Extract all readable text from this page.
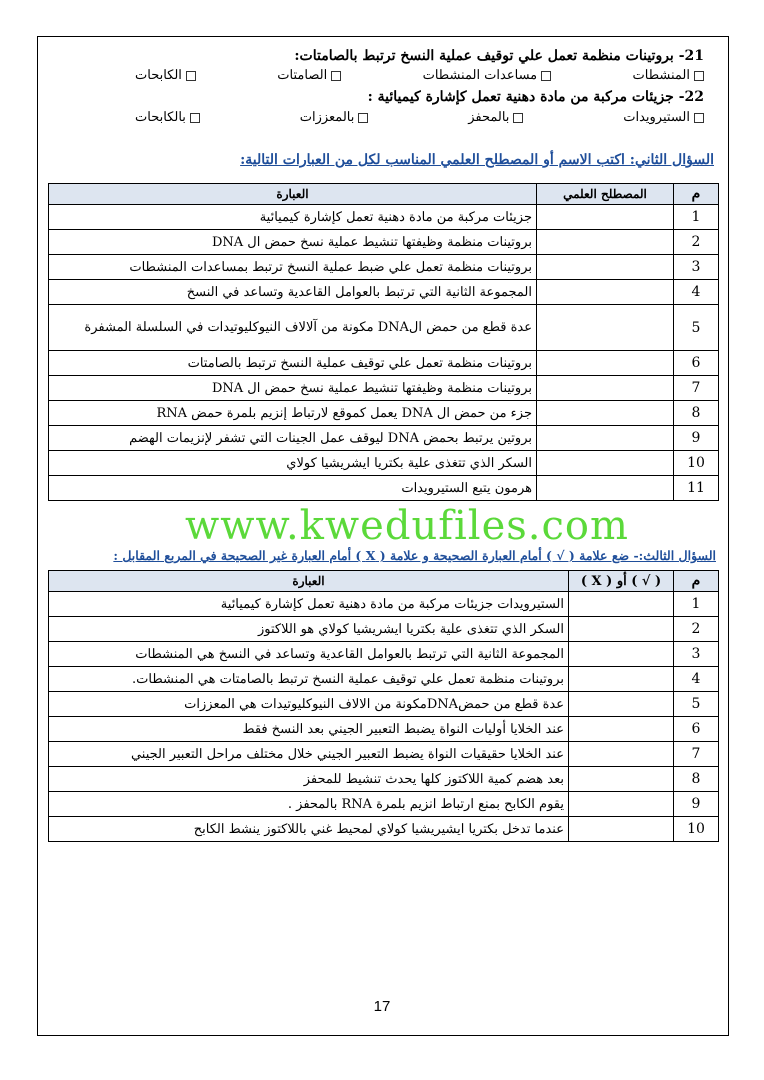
21- بروتينات منظمة تعمل علي توقيف عملية النسخ ترتبط بالصامتات:
المنشطات
مساعدات المنشطات
الصامتات
الكابحات
22- جزيئات مركبة من مادة دهنية تعمل كإشارة كيميائية :
الستيرويدات
بالمحفز
بالمعززات
بالكابحات
السؤال الثاني: اكتب الاسم أو المصطلح العلمي المناسب لكل من العبارات التالية:
م	المصطلح العلمي	العبارة
1		جزيئات مركبة من مادة دهنية تعمل كإشارة كيميائية
2		بروتينات منظمة وظيفتها تنشيط عملية نسخ حمض ال DNA
3		بروتينات منظمة تعمل علي ضبط عملية النسخ ترتبط بمساعدات المنشطات
4		المجموعة الثانية التي ترتبط بالعوامل القاعدية وتساعد في النسخ
5		عدة قطع من حمض الDNA مكونة من آلالاف النيوكليوتيدات في السلسلة المشفرة
6		بروتينات منظمة تعمل علي توقيف عملية النسخ ترتبط بالصامتات
7		بروتينات منظمة وظيفتها تنشيط عملية نسخ حمض ال DNA
8		جزء من حمض ال DNA يعمل كموقع لارتباط إنزيم بلمرة حمض RNA
9		بروتين يرتبط بحمض DNA ليوقف عمل الجينات التي تشفر لإنزيمات الهضم
10		السكر الذي تتغذى علية بكتريا ايشريشيا كولاي
11		هرمون يتبع الستيرويدات
www.kwedufiles.com
السؤال الثالث:- ضع علامة ( √ ) أمام العبارة الصحيحة و علامة ( X ) أمام العبارة غير الصحيحة في المربع المقابل :
م	( √ ) أو ( X )	العبارة
1		الستيرويدات جزيئات مركبة من مادة دهنية تعمل كإشارة كيميائية
2		السكر الذي تتغذى علية بكتريا ايشريشيا كولاي هو اللاكتوز
3		المجموعة الثانية التي ترتبط بالعوامل القاعدية وتساعد في النسخ هي المنشطات
4		بروتينات منظمة تعمل علي توقيف عملية النسخ ترتبط بالصامتات هي المنشطات.
5		عدة قطع من حمضDNAمكونة من الالاف النيوكليوتيدات هي المعززات
6		عند الخلايا أوليات النواة يضبط التعبير الجيني بعد النسخ فقط
7		عند الخلايا حقيقيات النواة يضبط التعبير الجيني خلال مختلف مراحل التعبير الجيني
8		بعد هضم كمية اللاكتوز كلها يحدث تنشيط للمحفز
9		يقوم الكابح بمنع ارتباط انزيم بلمرة RNA بالمحفز .
10		عندما تدخل بكتريا ايشيريشيا كولاي لمحيط غني باللاكتوز ينشط الكابح
17
